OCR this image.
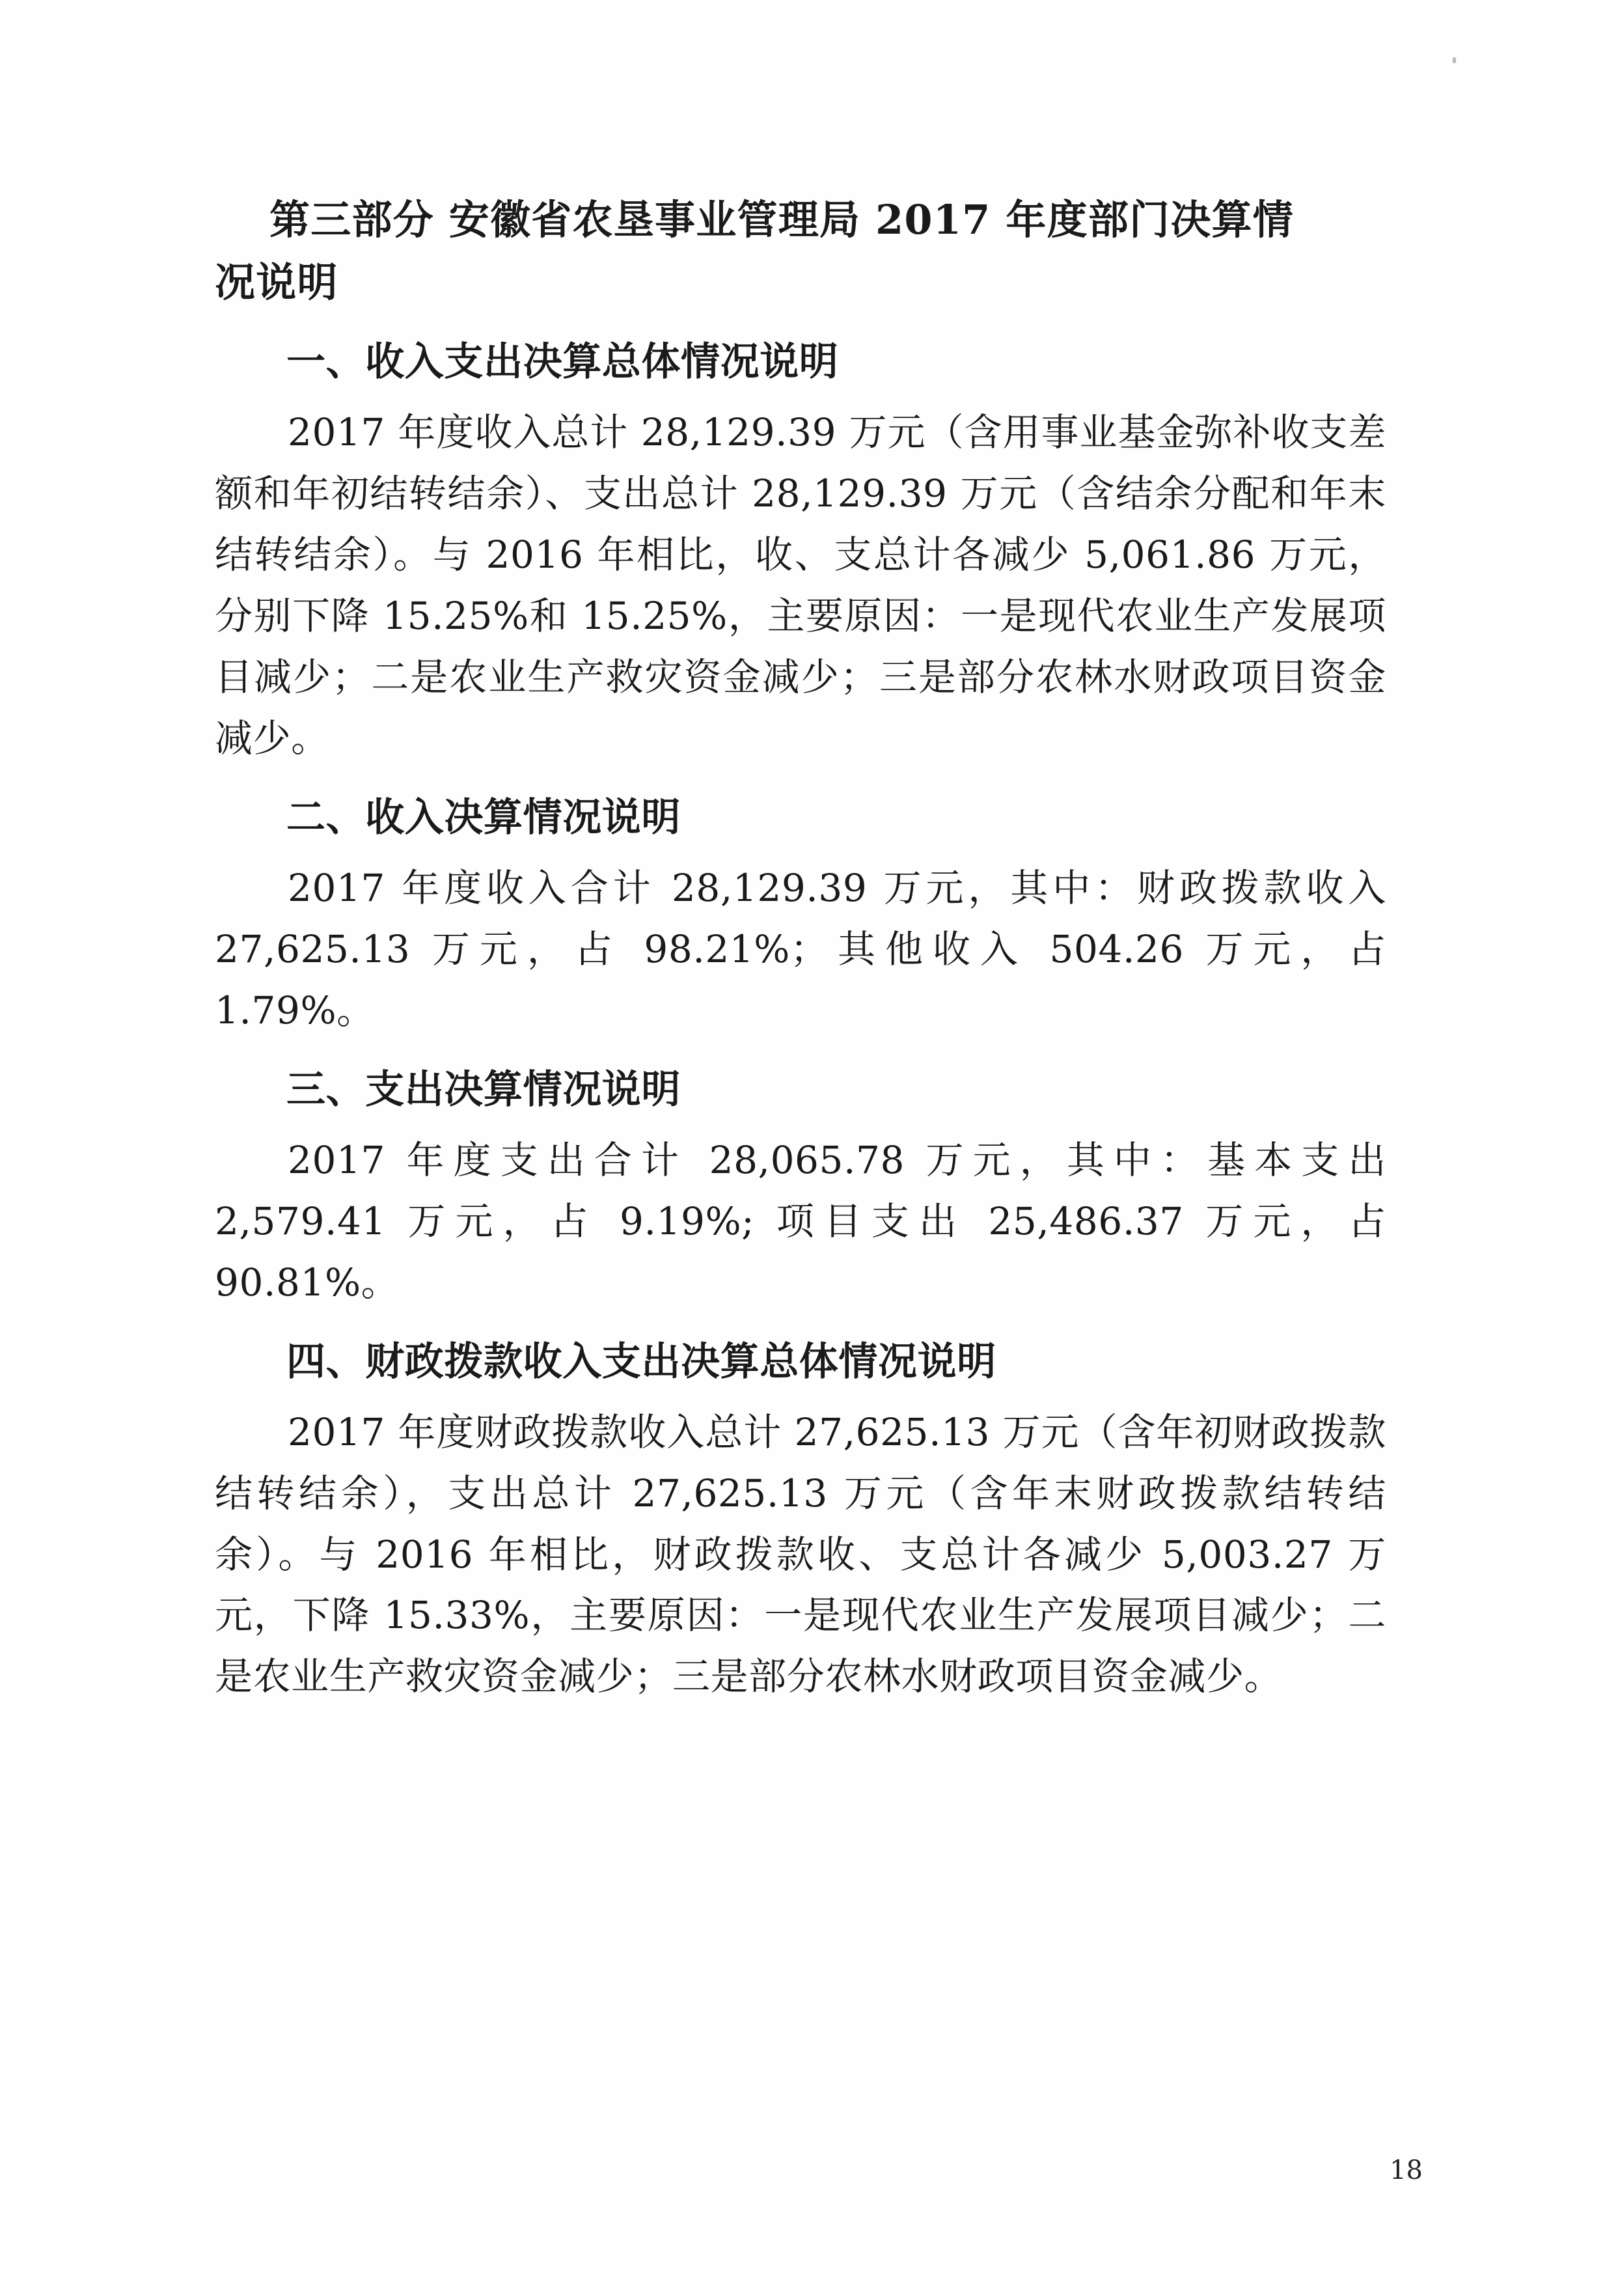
第三部分 安徽省农垦事业管理局 2017 年度部门决算情
况说明
一、收入支出决算总体情况说明

2017 年度收入总计 28,129.39 万元（含用事业基金弥补收支差额和年初结转结余）、支出总计 28,129.39 万元（含结余分配和年末结转结余）。与 2016 年相比，收、支总计各减少 5,061.86 万元，分别下降 15.25%和 15.25%，主要原因：一是现代农业生产发展项目减少；二是农业生产救灾资金减少；三是部分农林水财政项目资金减少。

二、收入决算情况说明

2017 年度收入合计 28,129.39 万元，其中：财政拨款收入 27,625.13 万元，占 98.21%；其他收入 504.26 万元，占 1.79%。

三、支出决算情况说明

2017 年度支出合计 28,065.78 万元，其中：基本支出 2,579.41 万元，占 9.19%; 项目支出 25,486.37 万元，占 90.81%。

四、财政拨款收入支出决算总体情况说明

2017 年度财政拨款收入总计 27,625.13 万元（含年初财政拨款结转结余），支出总计 27,625.13 万元（含年末财政拨款结转结余）。与 2016 年相比，财政拨款收、支总计各减少 5,003.27 万元，下降 15.33%，主要原因：一是现代农业生产发展项目减少；二是农业生产救灾资金减少；三是部分农林水财政项目资金减少。

18
